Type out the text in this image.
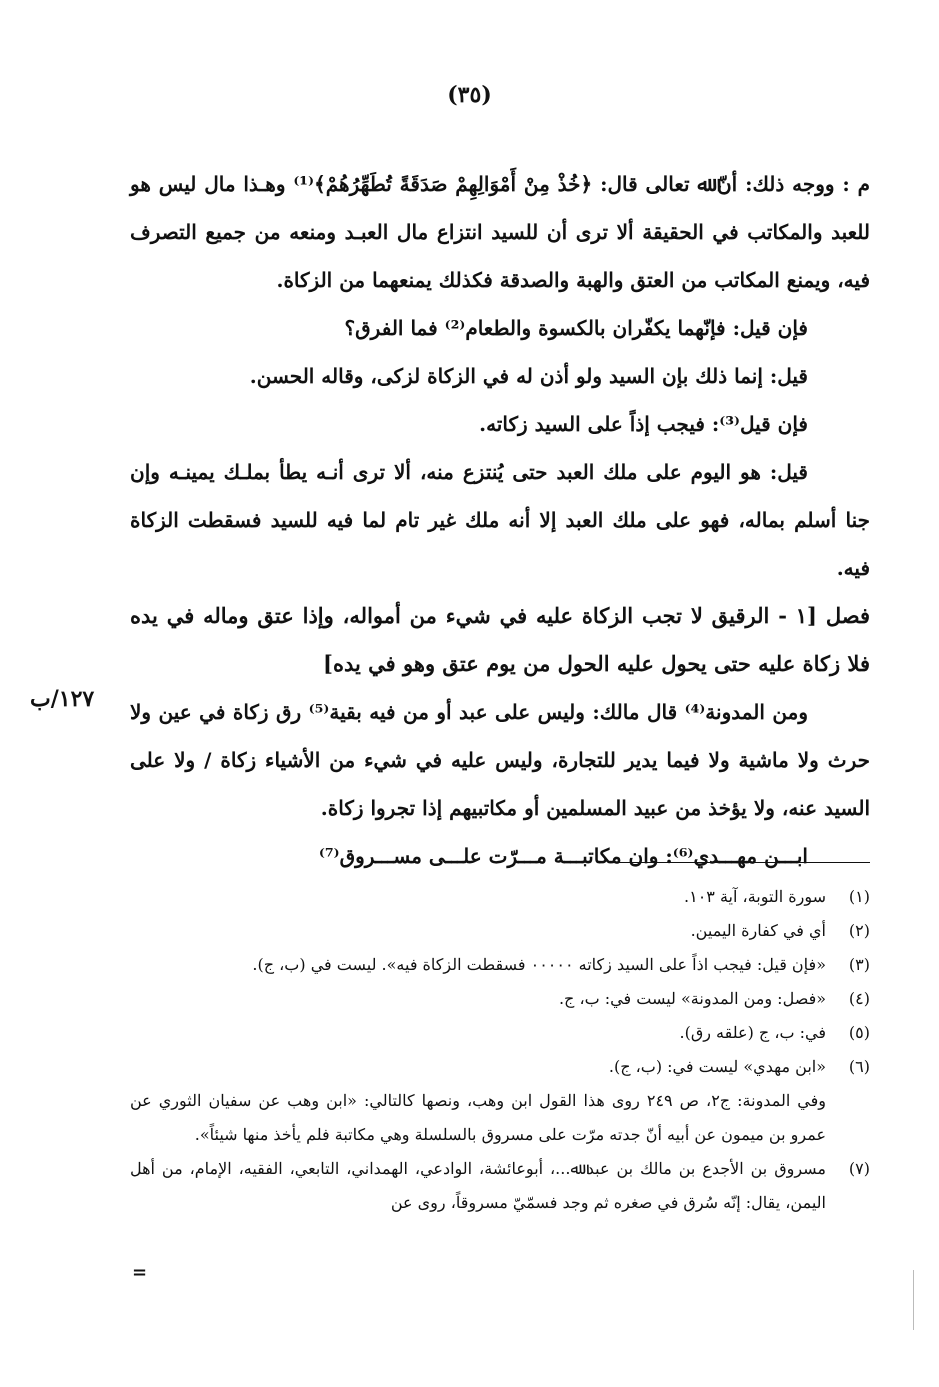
(٣٥)

م : ووجه ذلك: أنّ ﷲ تعالى قال: ﴿خُذْ مِنْ أَمْوَالِهِمْ صَدَقَةً تُطَهِّرُهُمْ﴾⁽¹⁾ وهـذا مال ليس هو للعبد والمكاتب في الحقيقة ألا ترى أن للسيد انتزاع مال العبـد ومنعه من جميع التصرف فيه، ويمنع المكاتب من العتق والهبة والصدقة فكذلك يمنعهما من الزكاة.

فإن قيل: فإنّهما يكفّران بالكسوة والطعام⁽²⁾ فما الفرق؟

قيل: إنما ذلك بإن السيد ولو أذن له في الزكاة لزكى، وقاله الحسن.

فإن قيل⁽³⁾: فيجب إذاً على السيد زكاته.

قيل: هو اليوم على ملك العبد حتى يُنتزع منه، ألا ترى أنـه يطأ بملـك يمينـه وإن جنا أسلم بماله، فهو على ملك العبد إلا أنه ملك غير تام لما فيه للسيد فسقطت الزكاة فيه.

فصل [١ - الرقيق لا تجب الزكاة عليه في شيء من أمواله، وإذا عتق وماله في يده فلا زكاة عليه حتى يحول عليه الحول من يوم عتق وهو في يده]

ومن المدونة⁽⁴⁾ قال مالك: وليس على عبد أو من فيه بقية⁽⁵⁾ رق زكاة في عين ولا حرث ولا ماشية ولا فيما يدير للتجارة، وليس عليه في شيء من الأشياء زكاة / ولا على السيد عنه، ولا يؤخذ من عبيد المسلمين أو مكاتبيهم إذا تجروا زكاة.

ابـــن مهـــدي⁽⁶⁾: وان مكاتبـــة مـــرّت علـــى مســـروق⁽⁷⁾

١٢٧/ب
(١)
سورة التوبة، آية ١٠٣.
(٢)
أي في كفارة اليمين.
(٣)
«فإن قيل: فيجب اذاً على السيد زكاته ٠٠٠٠٠ فسقطت الزكاة فيه». ليست في (ب، ج).
(٤)
«فصل: ومن المدونة» ليست في: ب، ج.
(٥)
في: ب، ج (علقه رق).
(٦)
«ابن مهدي» ليست في: (ب، ج).
وفي المدونة: ج٢، ص ٢٤٩ روى هذا القول ابن وهب، ونصها كالتالي: «ابن وهب عن سفيان الثوري عن عمرو بن ميمون عن أبيه أنّ جدته مرّت على مسروق بالسلسلة وهي مكاتبة فلم يأخذ منها شيئاً».
(٧)
مسروق بن الأجدع بن مالك بن عبد ﷲ...، أبوعائشة، الوادعي، الهمداني، التابعي، الفقيه، الإمام، من أهل اليمن، يقال: إنّه سُرق في صغره ثم وجد فسمّيّ مسروقاً، روى عن
=
